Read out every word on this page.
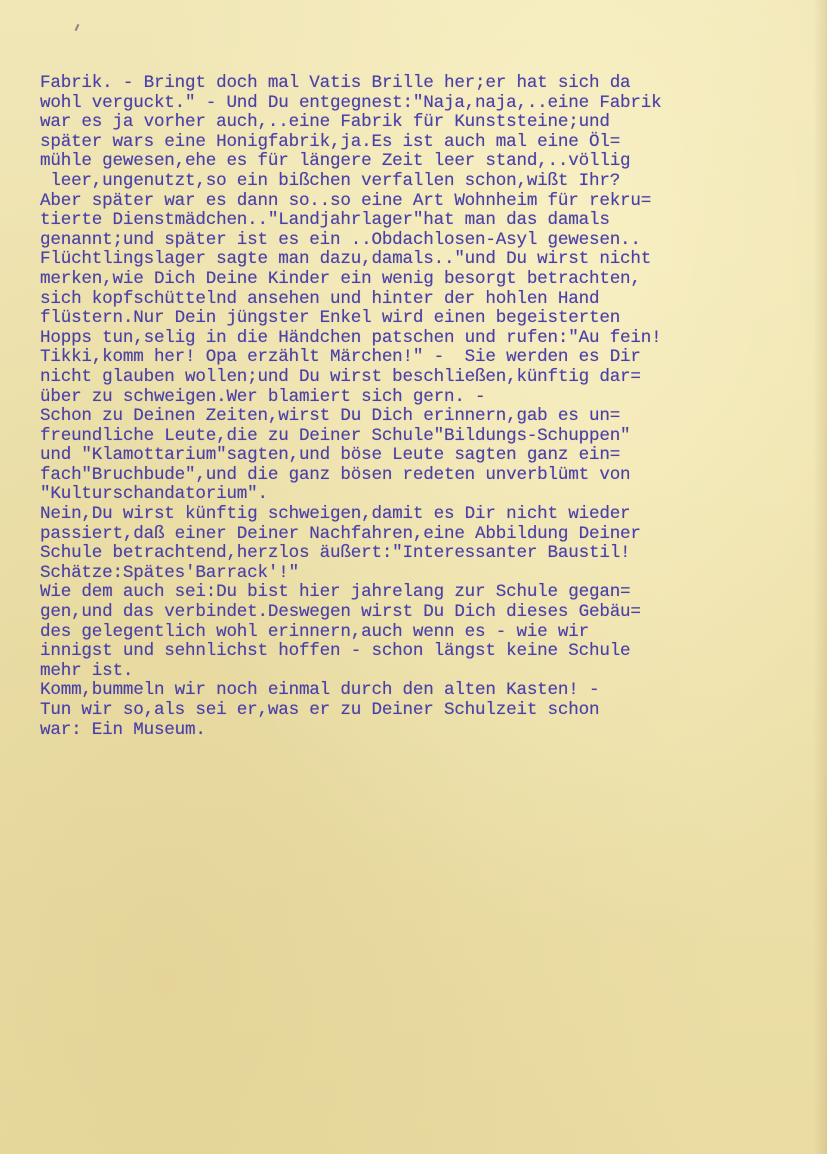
Fabrik. - Bringt doch mal Vatis Brille her;er hat sich da
wohl verguckt." - Und Du entgegnest:"Naja,naja,..eine Fabrik
war es ja vorher auch,..eine Fabrik für Kunststeine;und
später wars eine Honigfabrik,ja.Es ist auch mal eine Öl=
mühle gewesen,ehe es für längere Zeit leer stand,..völlig
leer,ungenutzt,so ein bißchen verfallen schon,wißt Ihr?
Aber später war es dann so..so eine Art Wohnheim für rekru=
tierte Dienstmädchen.."Landjahrlager"hat man das damals
genannt;und später ist es ein ..Obdachlosen-Asyl gewesen..
Flüchtlingslager sagte man dazu,damals.."und Du wirst nicht
merken,wie Dich Deine Kinder ein wenig besorgt betrachten,
sich kopfschüttelnd ansehen und hinter der hohlen Hand
flüstern.Nur Dein jüngster Enkel wird einen begeisterten
Hopps tun,selig in die Händchen patschen und rufen:"Au fein!
Tikki,komm her! Opa erzählt Märchen!" -  Sie werden es Dir
nicht glauben wollen;und Du wirst beschließen,künftig dar=
über zu schweigen.Wer blamiert sich gern. -
Schon zu Deinen Zeiten,wirst Du Dich erinnern,gab es un=
freundliche Leute,die zu Deiner Schule"Bildungs-Schuppen"
und "Klamottarium"sagten,und böse Leute sagten ganz ein=
fach"Bruchbude",und die ganz bösen redeten unverblümt von
"Kulturschandatorium".
Nein,Du wirst künftig schweigen,damit es Dir nicht wieder
passiert,daß einer Deiner Nachfahren,eine Abbildung Deiner
Schule betrachtend,herzlos äußert:"Interessanter Baustil!
Schätze:Spätes'Barrack'!"
Wie dem auch sei:Du bist hier jahrelang zur Schule gegan=
gen,und das verbindet.Deswegen wirst Du Dich dieses Gebäu=
des gelegentlich wohl erinnern,auch wenn es - wie wir
innigst und sehnlichst hoffen - schon längst keine Schule
mehr ist.
Komm,bummeln wir noch einmal durch den alten Kasten! -
Tun wir so,als sei er,was er zu Deiner Schulzeit schon
war: Ein Museum.
